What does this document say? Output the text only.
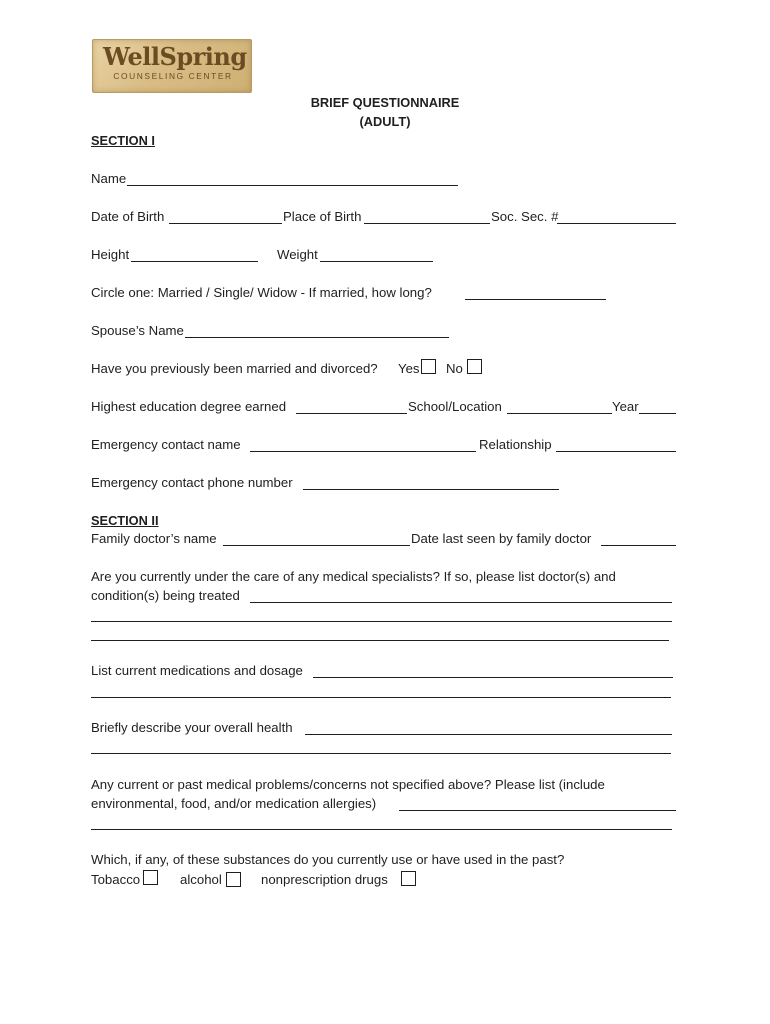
WellSpring
COUNSELING CENTER
BRIEF QUESTIONNAIRE
(ADULT)
SECTION I
Name
Date of Birth	Place of Birth	Soc. Sec. #
Height	Weight
Circle one: Married / Single/ Widow - If married, how long?
Spouse’s Name
Have you previously been married and divorced? Yes No
Highest education degree earned	School/Location	Year
Emergency contact name	Relationship
Emergency contact phone number
SECTION II
Family doctor’s name	Date last seen by family doctor
Are you currently under the care of any medical specialists? If so, please list doctor(s) and
condition(s) being treated
List current medications and dosage
Briefly describe your overall health
Any current or past medical problems/concerns not specified above? Please list (include
environmental, food, and/or medication allergies)
Which, if any, of these substances do you currently use or have used in the past?
Tobacco	alcohol	nonprescription drugs
